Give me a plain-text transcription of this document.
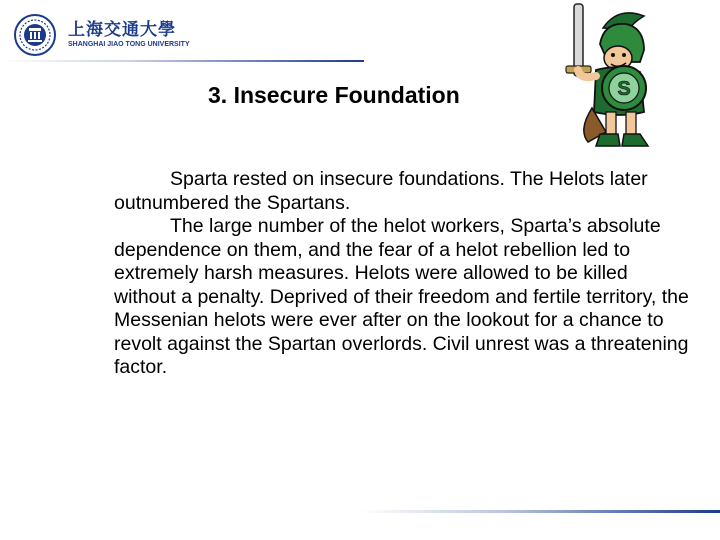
上海交通大學
SHANGHAI JIAO TONG UNIVERSITY
3. Insecure Foundation	S

Sparta rested on insecure foundations. The Helots later outnumbered the Spartans.

The large number of the helot workers, Sparta’s absolute dependence on them, and the fear of a helot rebellion led to extremely harsh measures. Helots were allowed to be killed without a penalty. Deprived of their freedom and fertile territory, the Messenian helots were ever after on the lookout for a chance to revolt against the Spartan overlords. Civil unrest was a threatening factor.
